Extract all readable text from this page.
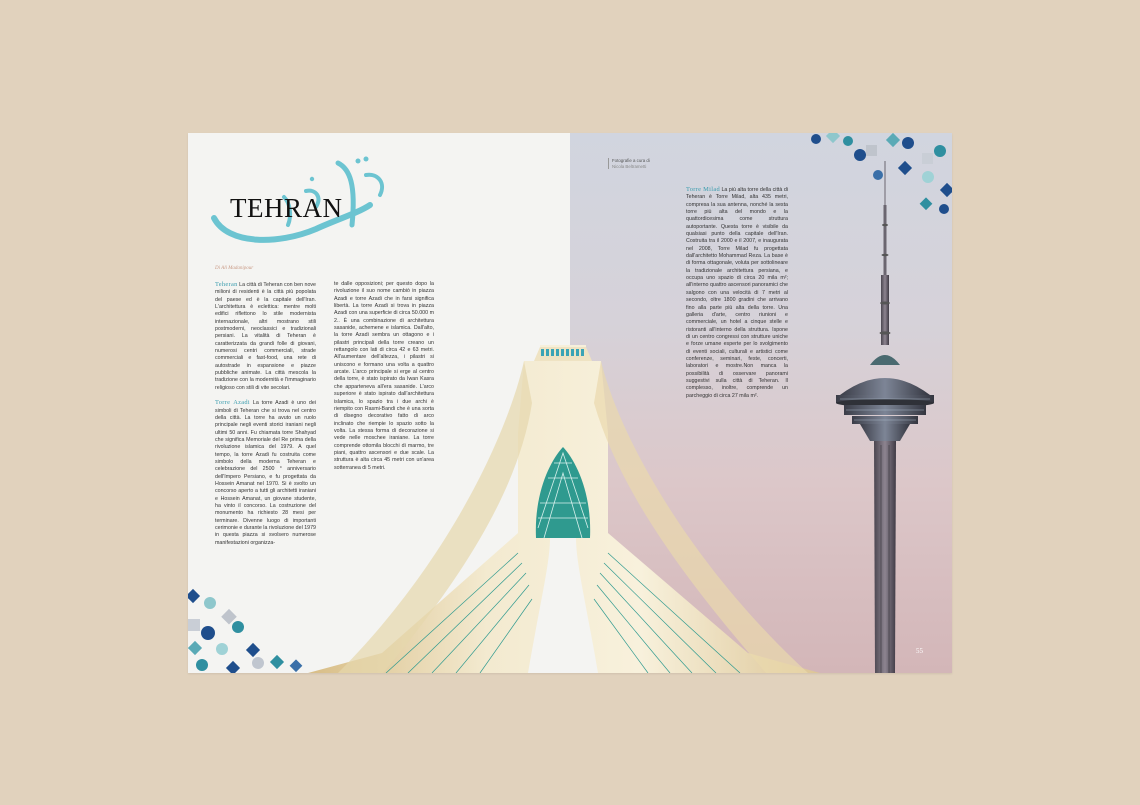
TEHRAN
Di Ali Madanipour

Teheran La città di Teheran con ben nove milioni di residenti è la città più popolata del paese ed è la capitale dell'Iran. L'architettura è eclettica: mentre molti edifici riflettono lo stile modernista internazionale, altri mostrano stili postmoderni, neoclassici e tradizionali persiani. La vitalità di Teheran è caratterizzata da grandi folle di giovani, numerosi centri commerciali, strade commerciali e fast-food, una rete di autostrade in espansione e piazze pubbliche animate. La città mescola la tradizione con la modernità e l'immaginario religioso con stili di vite secolari.

Torre Azadi La torre Azadi è uno dei simboli di Teheran che si trova nel centro della città. La torre ha avuto un ruolo principale negli eventi storici iraniani negli ultimi 50 anni. Fu chiamata torre Shahyad che significa Memoriale del Re prima della rivoluzione islamica del 1979. A quel tempo, la torre Azadi fu costruita come simbolo della moderna Teheran e celebrazione del 2500 ° anniversario dell'Impero Persiano, e fu progettata da Hossein Amanat nel 1970. Si è svolto un concorso aperto a tutti gli architetti iraniani e Hossein Amanat, un giovane studente, ha vinto il concorso. La costruzione del monumento ha richiesto 28 mesi per terminare. Divenne luogo di importanti cerimonie e durante la rivoluzione del 1979 in questa piazza si svolsero numerose manifestazioni organizza-

te dalle opposizioni; per questo dopo la rivoluzione il suo nome cambiò in piazza Azadi e torre Azadi che in farsi significa libertà. La torre Azadi si trova in piazza Azadi con una superficie di circa 50.000 m 2.. È una combinazione di architettura sasanide, achemene e islamica. Dall'alto, la torre Azadi sembra un ottagono e i pilastri principali della torre creano un rettangolo con lati di circa 42 e 63 metri. All'aumentare dell'altezza, i pilastri si uniscono e formano una volta a quattro arcate. L'arco principale si erge al centro della torre, è stato ispirato da Iwan Kasra che apparteneva all'era sasanide. L'arco superiore è stato ispirato dall'architettura islamica, lo spazio tra i due archi è riempito con Rasmi-Bandi che è una sorta di disegno decorativo fatto di arco inclinato che riempie lo spazio sotto la volta. La stessa forma di decorazione si vede nelle moschee iraniane. La torre comprende ottomila blocchi di marmo, tre piani, quattro ascensori e due scale. La struttura è alta circa 45 metri con un'area sotterranea di 5 metri.

Fotografie a cura di
Nicola Beltrametti

Torre Milad La più alta torre della città di Teheran è Torre Milad, alta 435 metri, compresa la sua antenna, nonché la sesta torre più alta del mondo e la quattordicesima come struttura autoportante. Questa torre è visibile da qualsiasi punto della capitale dell'Iran. Costruita tra il 2000 e il 2007, e inaugurata nel 2008, Torre Milad fu progettata dall'architetto Mohammad Reza. La base è di forma ottagonale, voluta per sottolineare la tradizionale architettura persiana, e occupa uno spazio di circa 20 mila m²; all'interno quattro ascensori panoramici che salgono con una velocità di 7 metri al secondo, oltre 1800 gradini che arrivano fino alla parte più alta della torre. Una galleria d'arte, centro riunioni e commerciale, un hotel a cinque stelle e ristoranti all'interno della struttura. Ispone di un centro congressi con strutture uniche e forze umane esperte per lo svolgimento di eventi sociali, culturali e artistici come conferenze, seminari, feste, concerti, laboratori e mostre.Non manca la possibilità di osservare panorami suggestivi sulla città di Teheran. Il complesso, inoltre, comprende un parcheggio di circa 27 mila m².

55
